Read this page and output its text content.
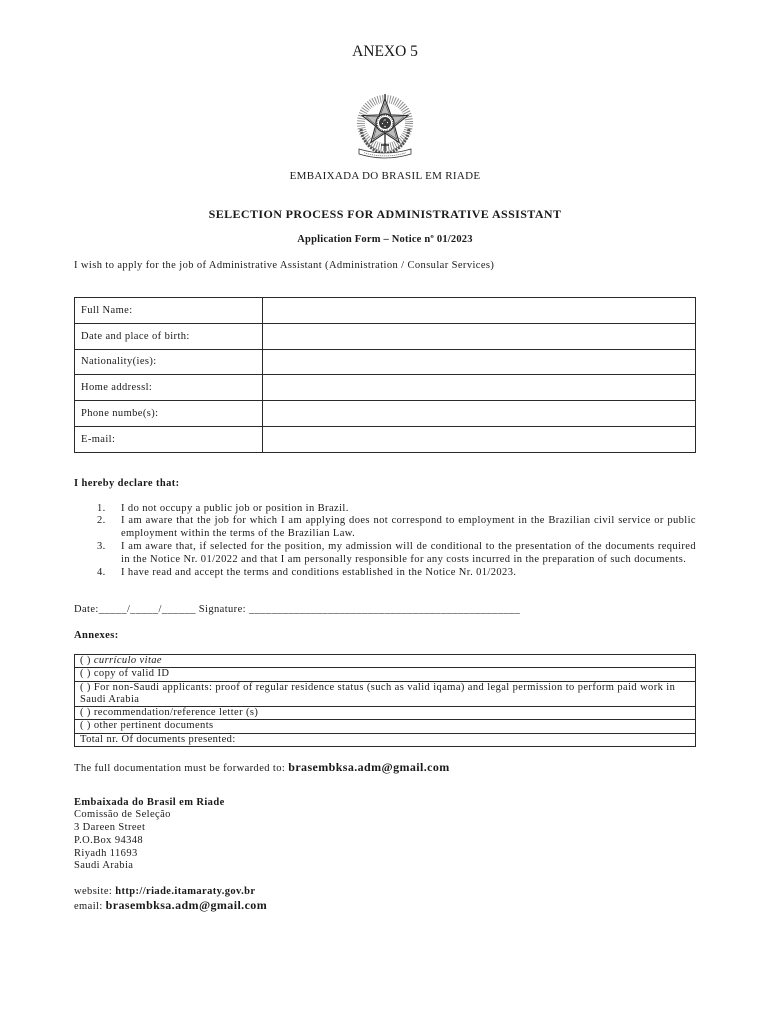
ANEXO 5
EMBAIXADA DO BRASIL EM RIADE
SELECTION PROCESS FOR ADMINISTRATIVE ASSISTANT
Application Form – Notice nº 01/2023
I wish to apply for the job of Administrative Assistant (Administration / Consular Services)
Full Name:
Date and place of birth:
Nationality(ies):
Home addressl:
Phone numbe(s):
E-mail:
I hereby declare that:
1. I do not occupy a public job or position in Brazil.
2. I am aware that the job for which I am applying does not correspond to employment in the Brazilian civil service or public employment within the terms of the Brazilian Law.
3. I am aware that, if selected for the position, my admission will de conditional to the presentation of the documents required in the Notice Nr. 01/2022 and that I am personally responsible for any costs incurred in the preparation of such documents.
4. I have read and accept the terms and conditions established in the Notice Nr. 01/2023.
Date:_____/_____/______ Signature: ________________________________________________
Annexes:
( ) currículo vitae
( ) copy of valid ID
( ) For non-Saudi applicants: proof of regular residence status (such as valid iqama) and legal permission to perform paid work in Saudi Arabia
( ) recommendation/reference letter (s)
( ) other pertinent documents
Total nr. Of documents presented:
The full documentation must be forwarded to: brasembksa.adm@gmail.com
Embaixada do Brasil em Riade
Comissão de Seleção
3 Dareen Street
P.O.Box 94348
Riyadh 11693
Saudi Arabia
website: http://riade.itamaraty.gov.br
email: brasembksa.adm@gmail.com
